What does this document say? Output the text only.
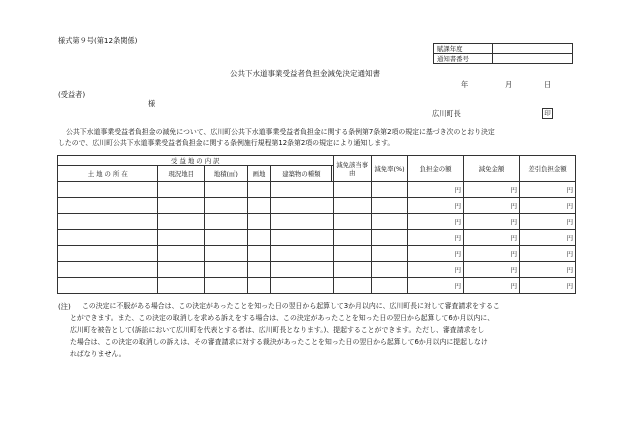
様式第９号(第12条関係)
賦課年度	
通知書番号	
公共下水道事業受益者負担金減免決定通知書
年	月	日
(受益者)
様
広川町長	印
公共下水道事業受益者負担金の減免について、広川町公共下水道事業受益者負担金に関する条例第7条第2項の規定に基づき次のとおり決定
したので、広川町公共下水道事業受益者負担金に関する条例施行規程第12条第2項の規定により通知します。
受 益 地 の 内 訳						減免該当事由	減免率(%)	負担金の額	減免金額	差引負担金額
土 地 の 所 在	現況地目	地積(㎡)	画地	建築物の種類						
								円	円	円
								円	円	円
								円	円	円
								円	円	円
								円	円	円
								円	円	円
								円	円	円
(注) この決定に不服がある場合は、この決定があったことを知った日の翌日から起算して3か月以内に、広川町長に対して審査請求をするこ
とができます。また、この決定の取消しを求める訴えをする場合は、この決定があったことを知った日の翌日から起算して6か月以内に、
広川町を被告として(訴訟において広川町を代表とする者は、広川町長となります。)、提起することができます。ただし、審査請求をし
た場合は、この決定の取消しの訴えは、その審査請求に対する裁決があったことを知った日の翌日から起算して6か月以内に提起しなけ
ればなりません。
